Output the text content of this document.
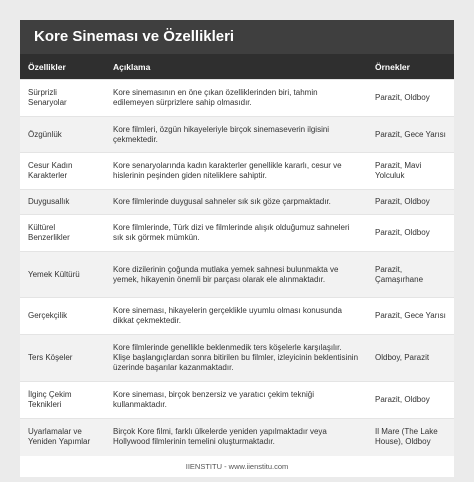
Kore Sineması ve Özellikleri
Özellikler	Açıklama	Örnekler
Sürprizli Senaryolar	Kore sinemasının en öne çıkan özelliklerinden biri, tahmin edilemeyen sürprizlere sahip olmasıdır.	Parazit, Oldboy
Özgünlük	Kore filmleri, özgün hikayeleriyle birçok sinemaseverin ilgisini çekmektedir.	Parazit, Gece Yarısı
Cesur Kadın Karakterler	Kore senaryolarında kadın karakterler genellikle kararlı, cesur ve hislerinin peşinden giden niteliklere sahiptir.	Parazit, Mavi Yolculuk
Duygusallık	Kore filmlerinde duygusal sahneler sık sık göze çarpmaktadır.	Parazit, Oldboy
Kültürel Benzerlikler	Kore filmlerinde, Türk dizi ve filmlerinde alışık olduğumuz sahneleri sık sık görmek mümkün.	Parazit, Oldboy
Yemek Kültürü	Kore dizilerinin çoğunda mutlaka yemek sahnesi bulunmakta ve yemek, hikayenin önemli bir parçası olarak ele alınmaktadır.	Parazit, Çamaşırhane
Gerçekçilik	Kore sineması, hikayelerin gerçeklikle uyumlu olması konusunda dikkat çekmektedir.	Parazit, Gece Yarısı
Ters Köşeler	Kore filmlerinde genellikle beklenmedik ters köşelerle karşılaşılır. Klişe başlangıçlardan sonra bitirilen bu filmler, izleyicinin beklentisinin üzerinde başarılar kazanmaktadır.	Oldboy, Parazit
İlginç Çekim Teknikleri	Kore sineması, birçok benzersiz ve yaratıcı çekim tekniği kullanmaktadır.	Parazit, Oldboy
Uyarlamalar ve Yeniden Yapımlar	Birçok Kore filmi, farklı ülkelerde yeniden yapılmaktadır veya Hollywood filmlerinin temelini oluşturmaktadır.	Il Mare (The Lake House), Oldboy
IIENSTITU - www.iienstitu.com
